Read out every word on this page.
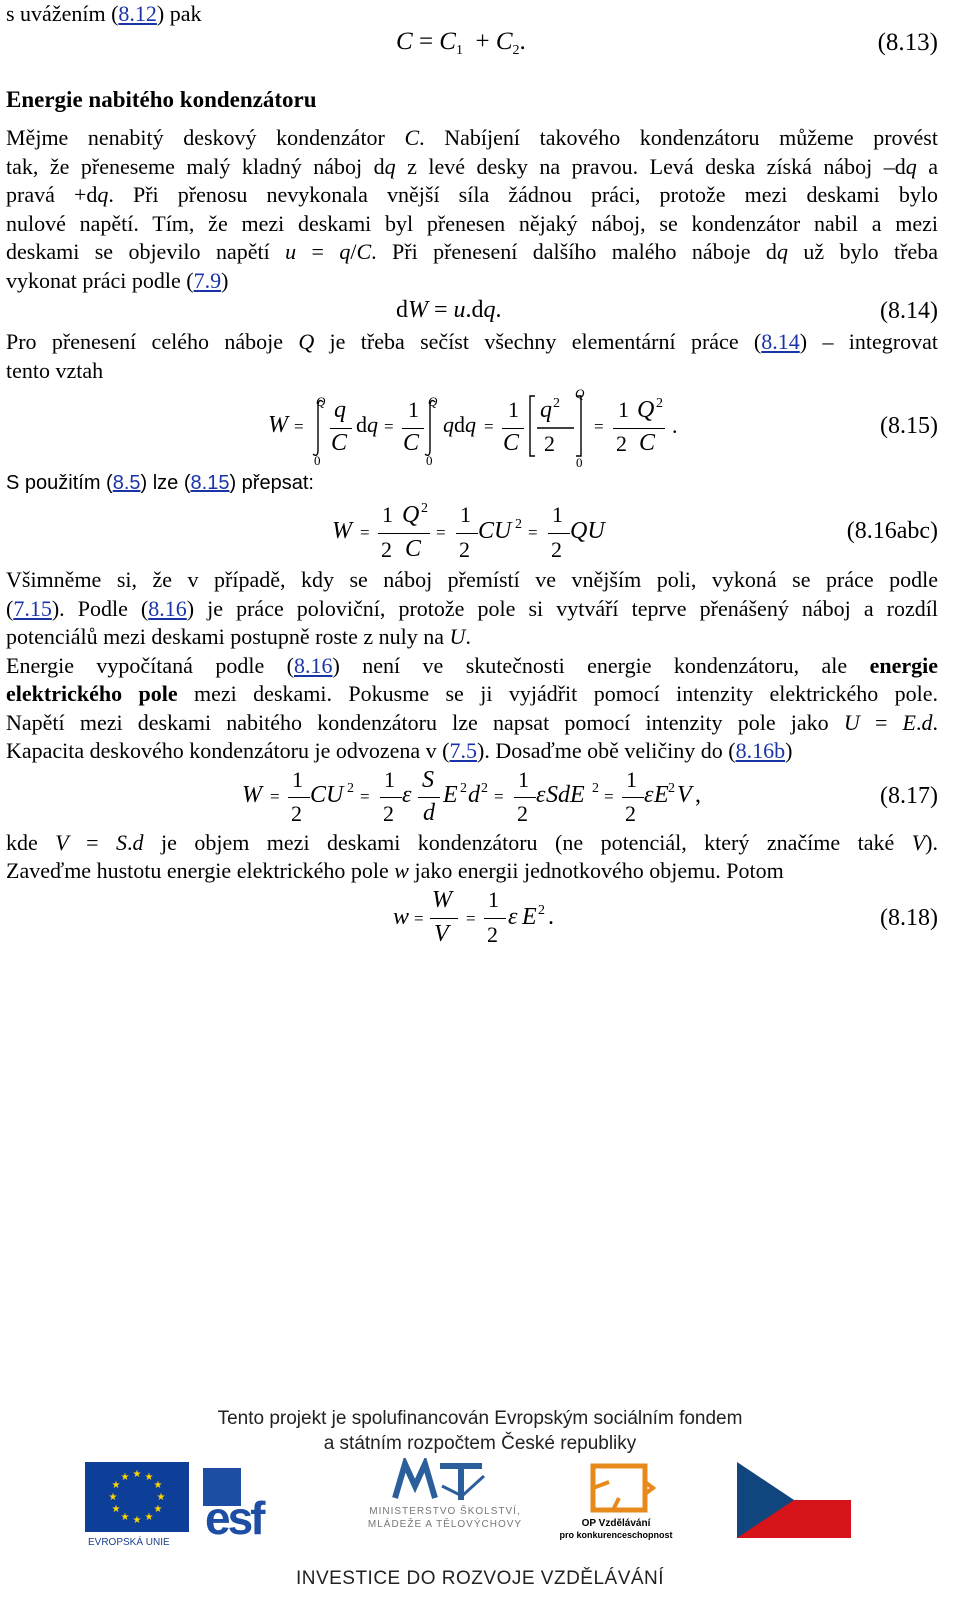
s uvážením (8.12) pak
$C = C_1 + C_2$.	(8.13)
Energie nabitého kondenzátoru
Mějme nenabitý deskový kondenzátor C. Nabíjení takového kondenzátoru můžeme provést
tak, že přeneseme malý kladný náboj dq z levé desky na pravou. Levá deska získá náboj –dq a
pravá +dq. Při přenosu nevykonala vnější síla žádnou práci, protože mezi deskami bylo
nulové napětí. Tím, že mezi deskami byl přenesen nějaký náboj, se kondenzátor nabil a mezi
deskami se objevilo napětí u = q/C. Při přenesení dalšího malého náboje dq už bylo třeba
vykonat práci podle (7.9)
dW = u.dq.	(8.14)
Pro přenesení celého náboje Q je třeba sečíst všechny elementární práce (8.14) – integrovat
tento vztah
W =
Q
0
q
C
dq =
1
C
Q
0
qdq =
1
C
q 2
2
Q
0
=
1
2
Q 2
C
.	(8.15)
S použitím (8.5) lze (8.15) přepsat:
W =
1
2
Q 2
C
=
1
2
CU 2 =
1
2
QU	(8.16abc)
Všimněme si, že v případě, kdy se náboj přemístí ve vnějším poli, vykoná se práce podle
(7.15). Podle (8.16) je práce poloviční, protože pole si vytváří teprve přenášený náboj a rozdíl
potenciálů mezi deskami postupně roste z nuly na U.
Energie vypočítaná podle (8.16) není ve skutečnosti energie kondenzátoru, ale energie
elektrického pole mezi deskami. Pokusme se ji vyjádřit pomocí intenzity elektrického pole.
Napětí mezi deskami nabitého kondenzátoru lze napsat pomocí intenzity pole jako U = E.d.
Kapacita deskového kondenzátoru je odvozena v (7.5). Dosaďme obě veličiny do (8.16b)
W =
1
2
CU 2 =
1
2
ε
S
d
E 2 d 2 =
1
2
ε SdE 2 =
1
2
ε E 2 V ,	(8.17)
kde V = S.d je objem mezi deskami kondenzátoru (ne potenciál, který značíme také V).
Zaveďme hustotu energie elektrického pole w jako energii jednotkového objemu. Potom
w =
W
V
=
1
2
ε E 2 .	(8.18)
Tento projekt je spolufinancován Evropským sociálním fondem
a státním rozpočtem České republiky
★ ★
★
★
★
★
★
★
★
★
★
★
EVROPSKÁ UNIE esf	MINISTERSTVO ŠKOLSTVÍ,
MLÁDEŽE A TĚLOVÝCHOVY	OP Vzdělávání
pro konkurenceschopnost
INVESTICE DO ROZVOJE VZDĚLÁVÁNÍ
